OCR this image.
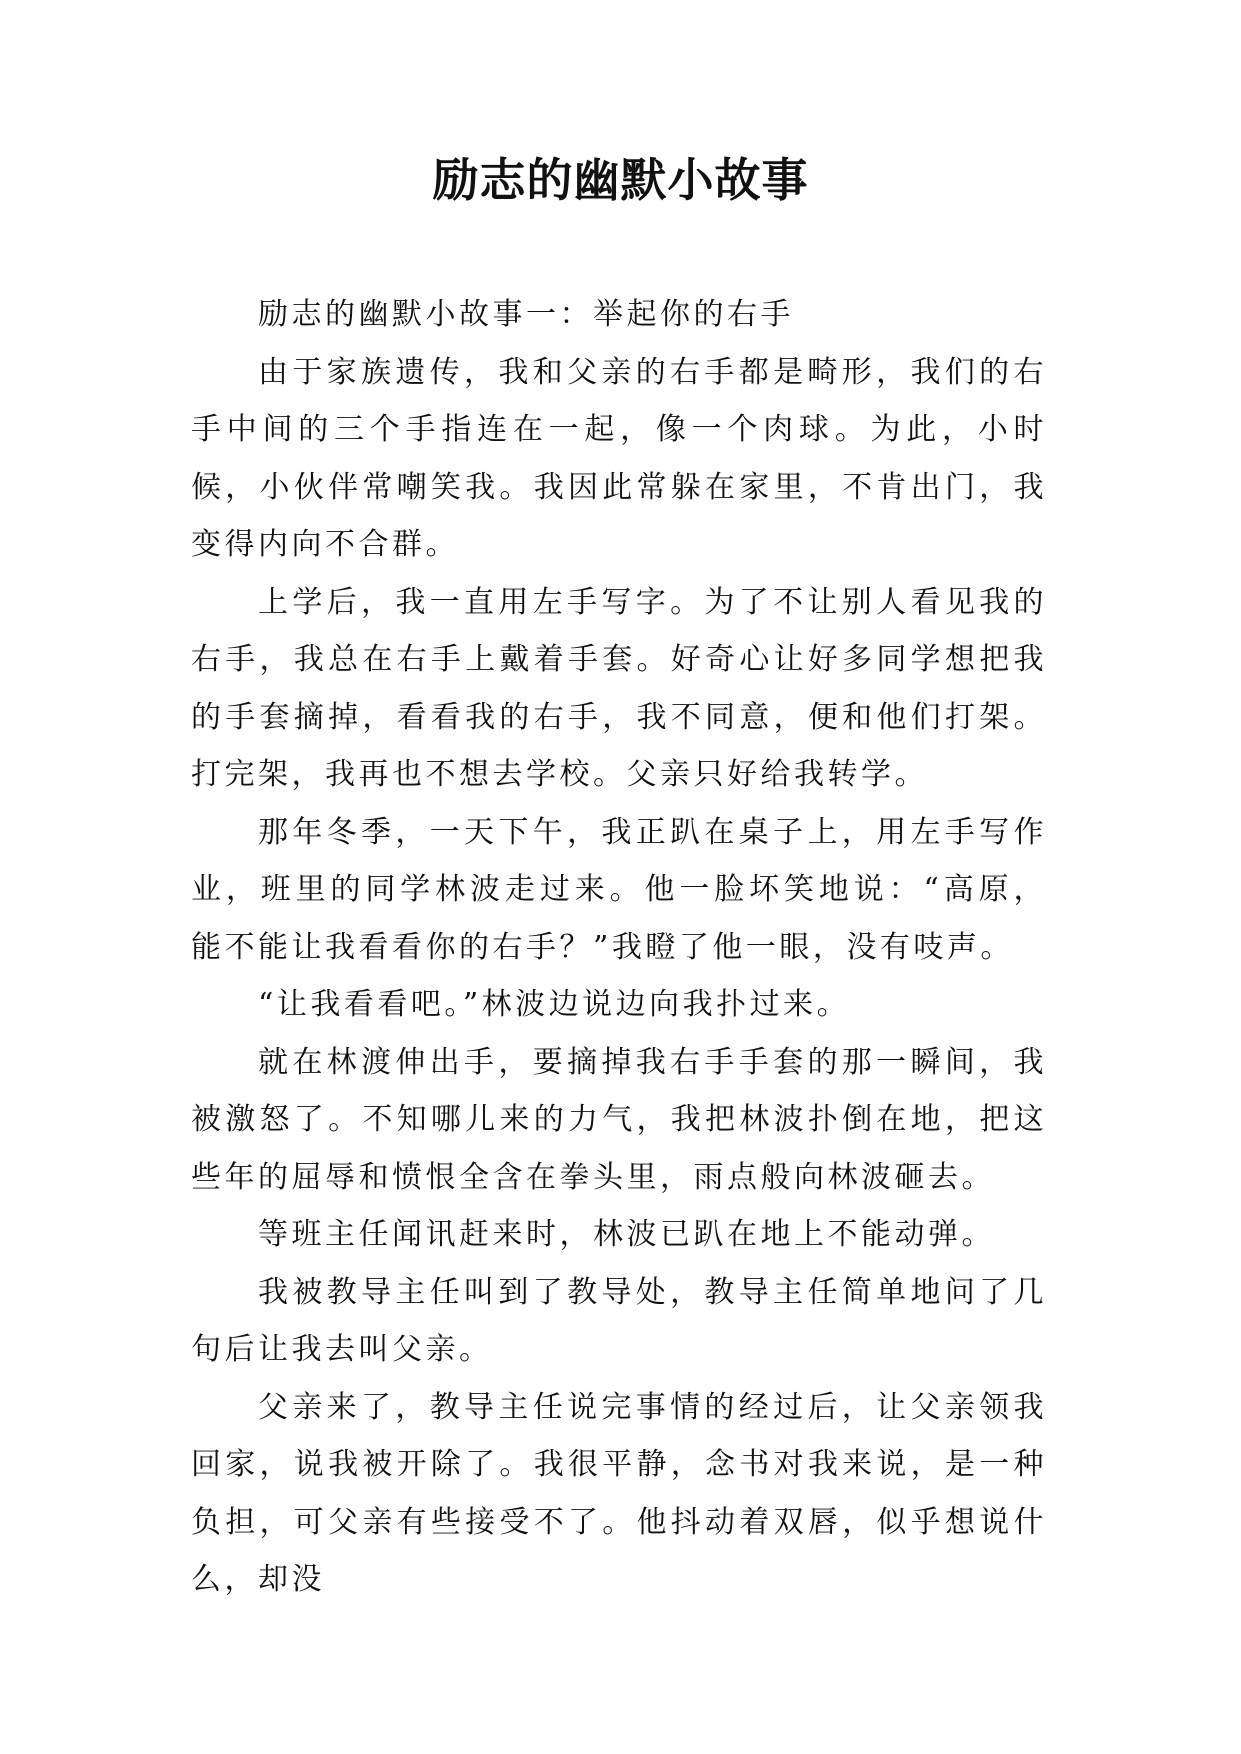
励志的幽默小故事

励志的幽默小故事一：举起你的右手

由于家族遗传，我和父亲的右手都是畸形，我们的右手中间的三个手指连在一起，像一个肉球。为此，小时候，小伙伴常嘲笑我。我因此常躲在家里，不肯出门，我变得内向不合群。

上学后，我一直用左手写字。为了不让别人看见我的右手，我总在右手上戴着手套。好奇心让好多同学想把我的手套摘掉，看看我的右手，我不同意，便和他们打架。打完架，我再也不想去学校。父亲只好给我转学。

那年冬季，一天下午，我正趴在桌子上，用左手写作业，班里的同学林波走过来。他一脸坏笑地说：“高原，能不能让我看看你的右手？”我瞪了他一眼，没有吱声。

“让我看看吧。”林波边说边向我扑过来。

就在林渡伸出手，要摘掉我右手手套的那一瞬间，我被激怒了。不知哪儿来的力气，我把林波扑倒在地，把这些年的屈辱和愤恨全含在拳头里，雨点般向林波砸去。

等班主任闻讯赶来时，林波已趴在地上不能动弹。

我被教导主任叫到了教导处，教导主任简单地问了几句后让我去叫父亲。

父亲来了，教导主任说完事情的经过后，让父亲领我回家，说我被开除了。我很平静，念书对我来说，是一种负担，可父亲有些接受不了。他抖动着双唇，似乎想说什么，却没
